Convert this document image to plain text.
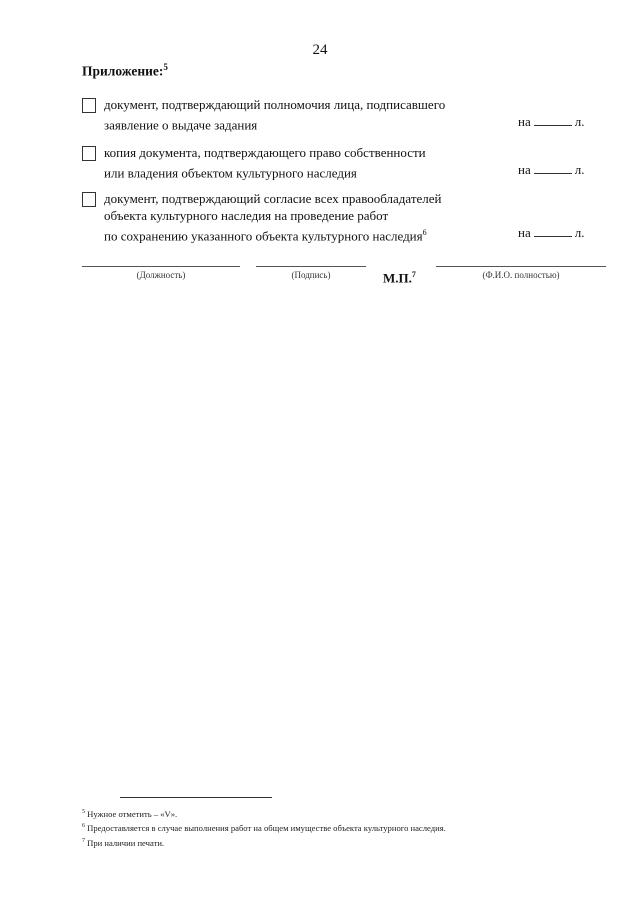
24
Приложение:$^5$
документ, подтверждающий полномочия лица, подписавшего
заявление о выдаче задания	на	л.
копия документа, подтверждающего право собственности
или владения объектом культурного наследия	на	л.
документ, подтверждающий согласие всех правообладателей
объекта культурного наследия на проведение работ
по сохранению указанного объекта культурного наследия$^6$	на	л.
(Должность)	(Подпись)	М.П.$^7$	(Ф.И.О. полностью)
$^5$ Нужное отметить – «V».
$^6$ Предоставляется в случае выполнения работ на общем имуществе объекта культурного наследия.
$^7$ При наличии печати.
